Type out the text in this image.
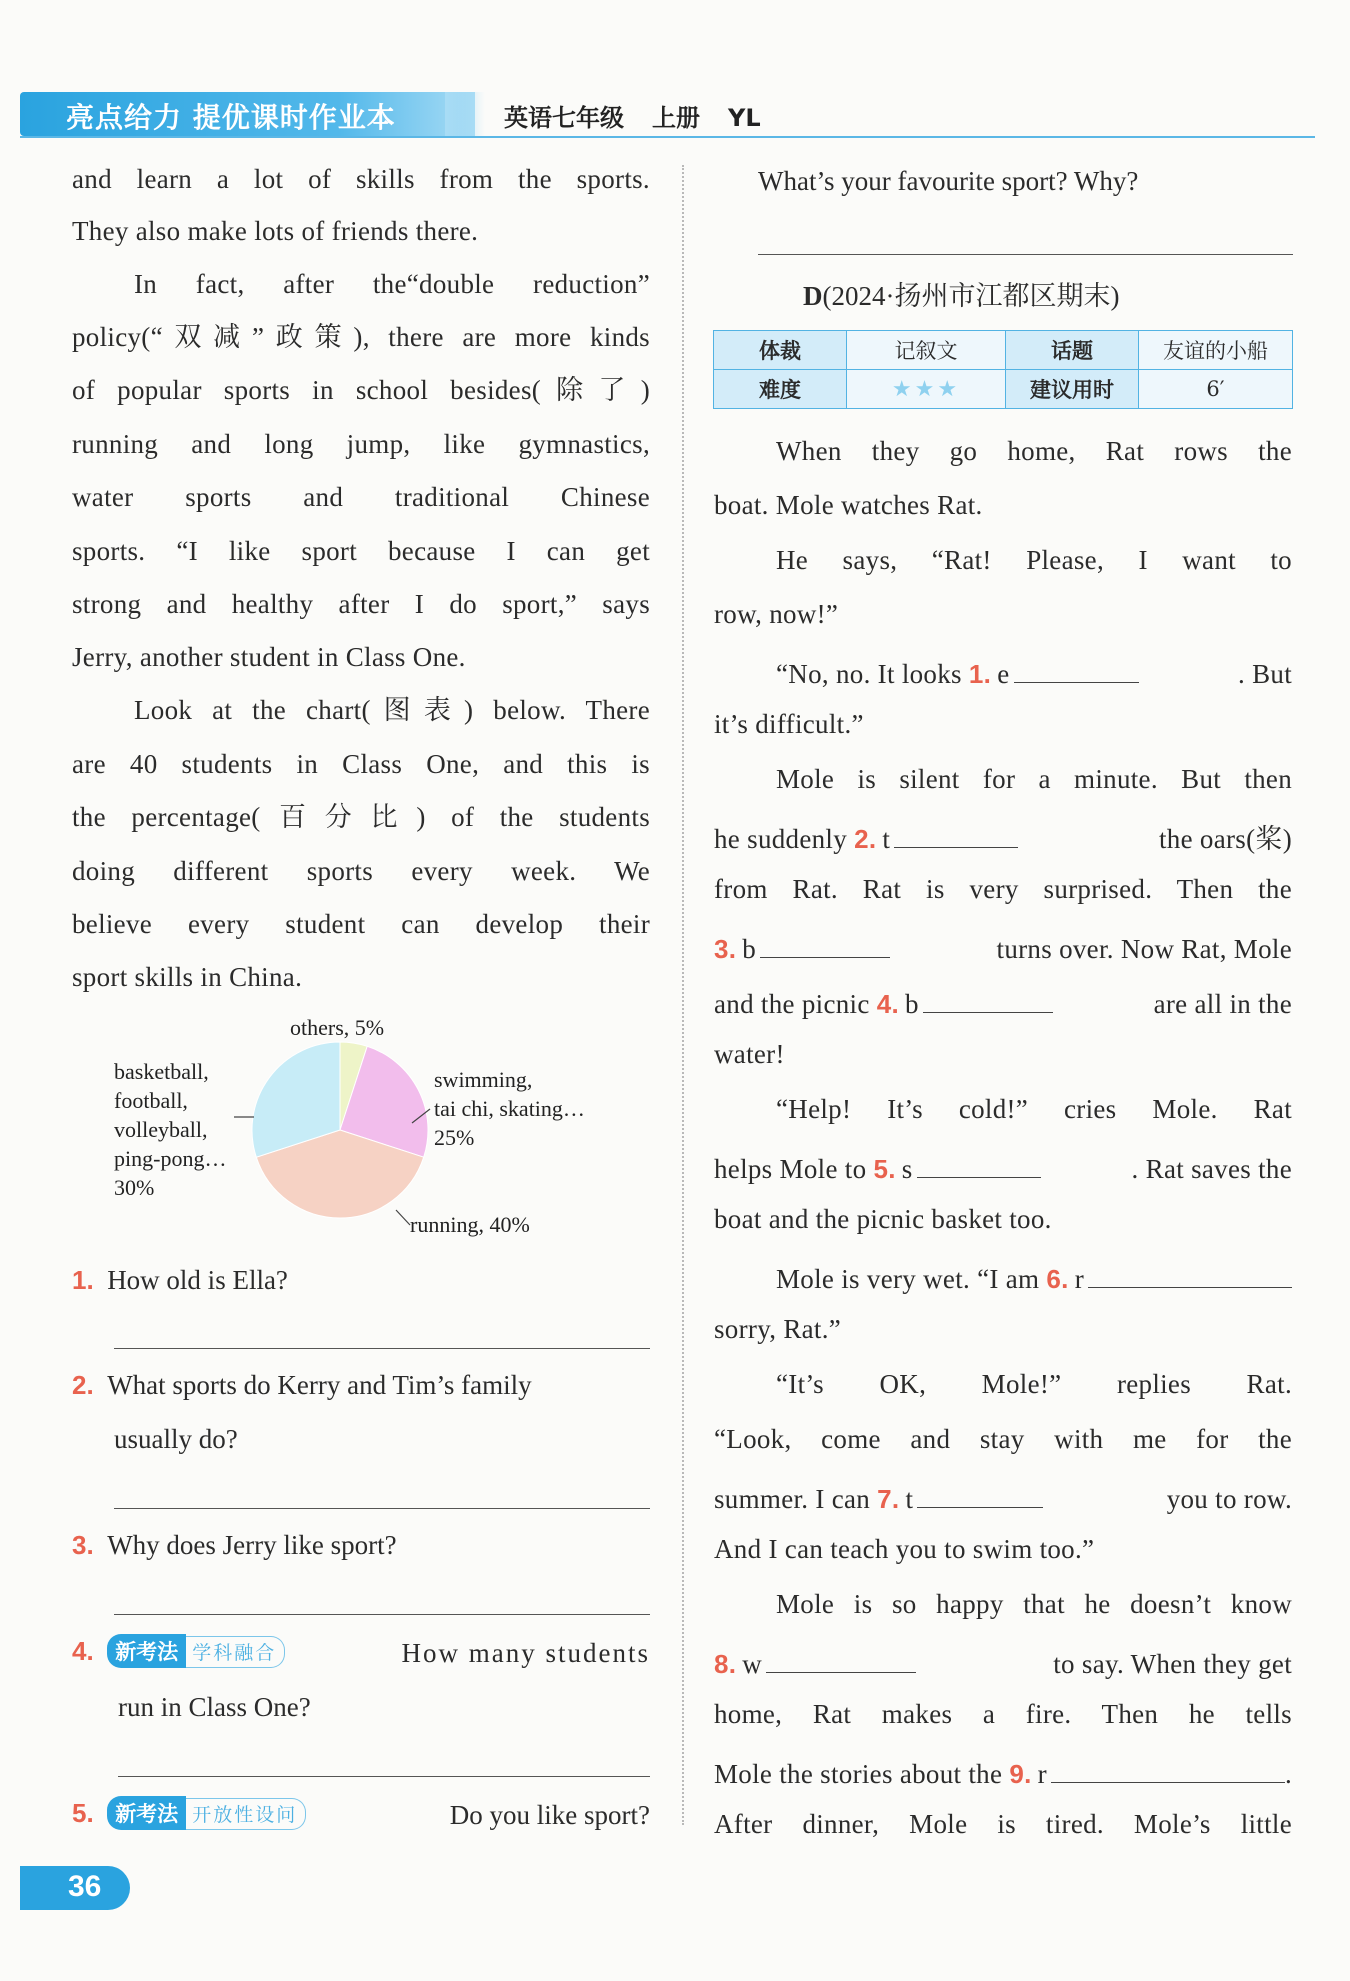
亮点给力 提优课时作业本	英语七年级 上册 YL
and learn a lot of skills from the sports.
They also make lots of friends there.
In fact, after the“double reduction”
policy(“双减”政策), there are more kinds
of popular sports in school besides(除了)
running and long jump, like gymnastics,
water sports and traditional Chinese
sports. “I like sport because I can get
strong and healthy after I do sport,” says
Jerry, another student in Class One.
Look at the chart(图表) below. There
are 40 students in Class One, and this is
the percentage(百分比) of the students
doing different sports every week. We
believe every student can develop their
sport skills in China.
others, 5%
swimming,
tai chi, skating…
25%
running, 40%
basketball,
football,
volleyball,
ping-pong…
30%
1. How old is Ella?
2. What sports do Kerry and Tim’s family
usually do?
3. Why does Jerry like sport?
4. 新考法 学科融合	How many students
run in Class One?
5. 新考法 开放性设问	Do you like sport?
What’s your favourite sport? Why?
D(2024·扬州市江都区期末)
体裁	记叙文	话题	友谊的小船
难度	★★★	建议用时	6′
When they go home, Rat rows the
boat. Mole watches Rat.
He says, “Rat! Please, I want to
row, now!”
“No, no. It looks
1. e	. But
it’s difficult.”
Mole is silent for a minute. But then
he suddenly
2. t	the oars(桨)
from Rat. Rat is very surprised. Then the
3. b	turns over. Now Rat, Mole
and the picnic
4. b	are all in the
water!
“Help! It’s cold!” cries Mole. Rat
helps Mole to
5. s	. Rat saves the
boat and the picnic basket too.
Mole is very wet. “I am
6. r
sorry, Rat.”
“It’s OK, Mole!” replies Rat.
“Look, come and stay with me for the
summer. I can
7. t	you to row.
And I can teach you to swim too.”
Mole is so happy that he doesn’t know
8. w	to say. When they get
home, Rat makes a fire. Then he tells
Mole the stories about the
9. r	.
After dinner, Mole is tired. Mole’s little
36
